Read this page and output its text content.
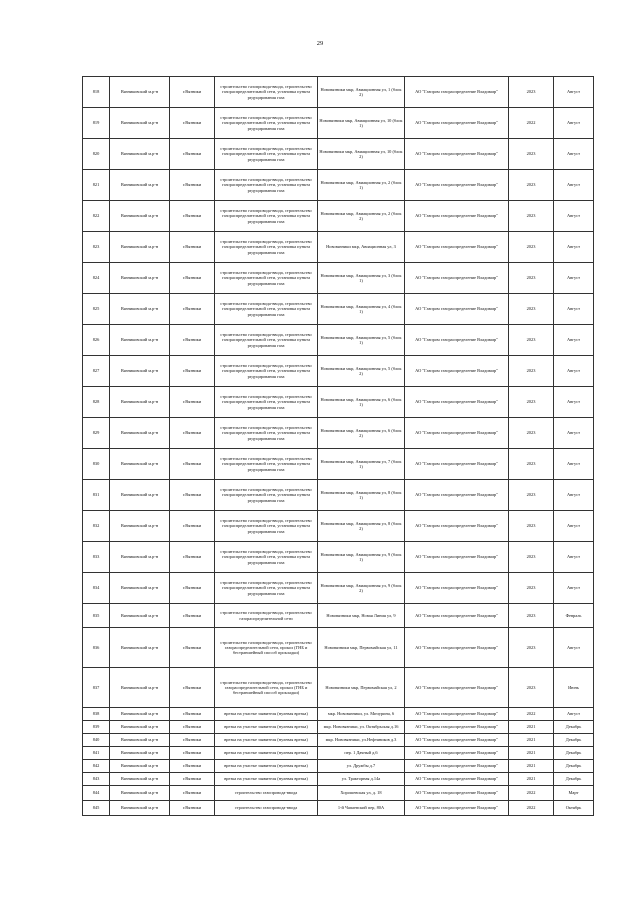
29
818	Вязниковский м.р-н	г.Вязники	строительство газопровода-ввода, строительство газораспределительной сети, установка пункта редуцирования газа	Нововязники мкр, Авиационная ул, 1 (блок 2)	АО "Газпром газораспределение Владимир"	2023	Август
819	Вязниковский м.р-н	г.Вязники	строительство газопровода-ввода, строительство газораспределительной сети, установка пункта редуцирования газа	Нововязники мкр, Авиационная ул, 10 (блок 1)	АО "Газпром газораспределение Владимир"	2022	Август
820	Вязниковский м.р-н	г.Вязники	строительство газопровода-ввода, строительство газораспределительной сети, установка пункта редуцирования газа	Нововязники мкр, Авиационная ул, 10 (блок 2)	АО "Газпром газораспределение Владимир"	2023	Август
821	Вязниковский м.р-н	г.Вязники	строительство газопровода-ввода, строительство газораспределительной сети, установка пункта редуцирования газа	Нововязники мкр, Авиационная ул, 2 (блок 1)	АО "Газпром газораспределение Владимир"	2023	Август
822	Вязниковский м.р-н	г.Вязники	строительство газопровода-ввода, строительство газораспределительной сети, установка пункта редуцирования газа	Нововязники мкр, Авиационная ул, 2 (блок 2)	АО "Газпром газораспределение Владимир"	2023	Август
823	Вязниковский м.р-н	г.Вязники	строительство газопровода-ввода, строительство газораспределительной сети, установка пункта редуцирования газа	Нововязники мкр, Авиационная ул, 3	АО "Газпром газораспределение Владимир"	2023	Август
824	Вязниковский м.р-н	г.Вязники	строительство газопровода-ввода, строительство газораспределительной сети, установка пункта редуцирования газа	Нововязники мкр, Авиационная ул, 3 (блок 1)	АО "Газпром газораспределение Владимир"	2023	Август
825	Вязниковский м.р-н	г.Вязники	строительство газопровода-ввода, строительство газораспределительной сети, установка пункта редуцирования газа	Нововязники мкр, Авиационная ул, 4 (блок 1)	АО "Газпром газораспределение Владимир"	2023	Август
826	Вязниковский м.р-н	г.Вязники	строительство газопровода-ввода, строительство газораспределительной сети, установка пункта редуцирования газа	Нововязники мкр, Авиационная ул, 5 (блок 1)	АО "Газпром газораспределение Владимир"	2023	Август
827	Вязниковский м.р-н	г.Вязники	строительство газопровода-ввода, строительство газораспределительной сети, установка пункта редуцирования газа	Нововязники мкр, Авиационная ул, 5 (блок 2)	АО "Газпром газораспределение Владимир"	2023	Август
828	Вязниковский м.р-н	г.Вязники	строительство газопровода-ввода, строительство газораспределительной сети, установка пункта редуцирования газа	Нововязники мкр, Авиационная ул, 6 (блок 1)	АО "Газпром газораспределение Владимир"	2023	Август
829	Вязниковский м.р-н	г.Вязники	строительство газопровода-ввода, строительство газораспределительной сети, установка пункта редуцирования газа	Нововязники мкр, Авиационная ул, 6 (блок 2)	АО "Газпром газораспределение Владимир"	2023	Август
830	Вязниковский м.р-н	г.Вязники	строительство газопровода-ввода, строительство газораспределительной сети, установка пункта редуцирования газа	Нововязники мкр, Авиационная ул, 7 (блок 1)	АО "Газпром газораспределение Владимир"	2023	Август
831	Вязниковский м.р-н	г.Вязники	строительство газопровода-ввода, строительство газораспределительной сети, установка пункта редуцирования газа	Нововязники мкр, Авиационная ул, 8 (блок 1)	АО "Газпром газораспределение Владимир"	2023	Август
832	Вязниковский м.р-н	г.Вязники	строительство газопровода-ввода, строительство газораспределительной сети, установка пункта редуцирования газа	Нововязники мкр, Авиационная ул, 8 (блок 2)	АО "Газпром газораспределение Владимир"	2023	Август
833	Вязниковский м.р-н	г.Вязники	строительство газопровода-ввода, строительство газораспределительной сети, установка пункта редуцирования газа	Нововязники мкр, Авиационная ул, 9 (блок 1)	АО "Газпром газораспределение Владимир"	2023	Август
834	Вязниковский м.р-н	г.Вязники	строительство газопровода-ввода, строительство газораспределительной сети, установка пункта редуцирования газа	Нововязники мкр, Авиационная ул, 9 (блок 2)	АО "Газпром газораспределение Владимир"	2023	Август
835	Вязниковский м.р-н	г.Вязники	строительство газопровода-ввода, строительство газораспределительной сети	Нововязники мкр, Новая Линия ул, 9	АО "Газпром газораспределение Владимир"	2023	Февраль
836	Вязниковский м.р-н	г.Вязники	строительство газопровода-ввода, строительство газораспределительной сети, прокол (ГНБ и бестраншейный способ прокладки)	Нововязники мкр, Первомайская ул, 11	АО "Газпром газораспределение Владимир"	2023	Август
837	Вязниковский м.р-н	г.Вязники	строительство газопровода-ввода, строительство газораспределительной сети, прокол (ГНБ и бестраншейный способ прокладки)	Нововязники мкр, Первомайская ул, 2	АО "Газпром газораспределение Владимир"	2023	Июнь
838	Вязниковский м.р-н	г.Вязники	врезка на участке заявителя (нулевая врезка)	мкр. Нововязники, ул. Мичурина, 6	АО "Газпром газораспределение Владимир"	2022	Август
839	Вязниковский м.р-н	г.Вязники	врезка на участке заявителя (нулевая врезка)	мкр. Нововязники, ул. Октябрьская д.16	АО "Газпром газораспределение Владимир"	2021	Декабрь
840	Вязниковский м.р-н	г.Вязники	врезка на участке заявителя (нулевая врезка)	мкр. Нововязники, ул.Нефтяников д.3	АО "Газпром газораспределение Владимир"	2021	Декабрь
841	Вязниковский м.р-н	г.Вязники	врезка на участке заявителя (нулевая врезка)	пер. 1 Дачный д.6	АО "Газпром газораспределение Владимир"	2021	Декабрь
842	Вязниковский м.р-н	г.Вязники	врезка на участке заявителя (нулевая врезка)	ул. Дружбы д.7	АО "Газпром газораспределение Владимир"	2021	Декабрь
843	Вязниковский м.р-н	г.Вязники	врезка на участке заявителя (нулевая врезка)	ул. Тракторная д.14а	АО "Газпром газораспределение Владимир"	2021	Декабрь
844	Вязниковский м.р-н	г.Вязники	строительство газопровода-ввода	Хорошевская ул, д. 18	АО "Газпром газораспределение Владимир"	2022	Март
845	Вязниковский м.р-н	г.Вязники	строительство газопровода-ввода	1-й Чапаевский пер, 80А	АО "Газпром газораспределение Владимир"	2022	Октябрь
